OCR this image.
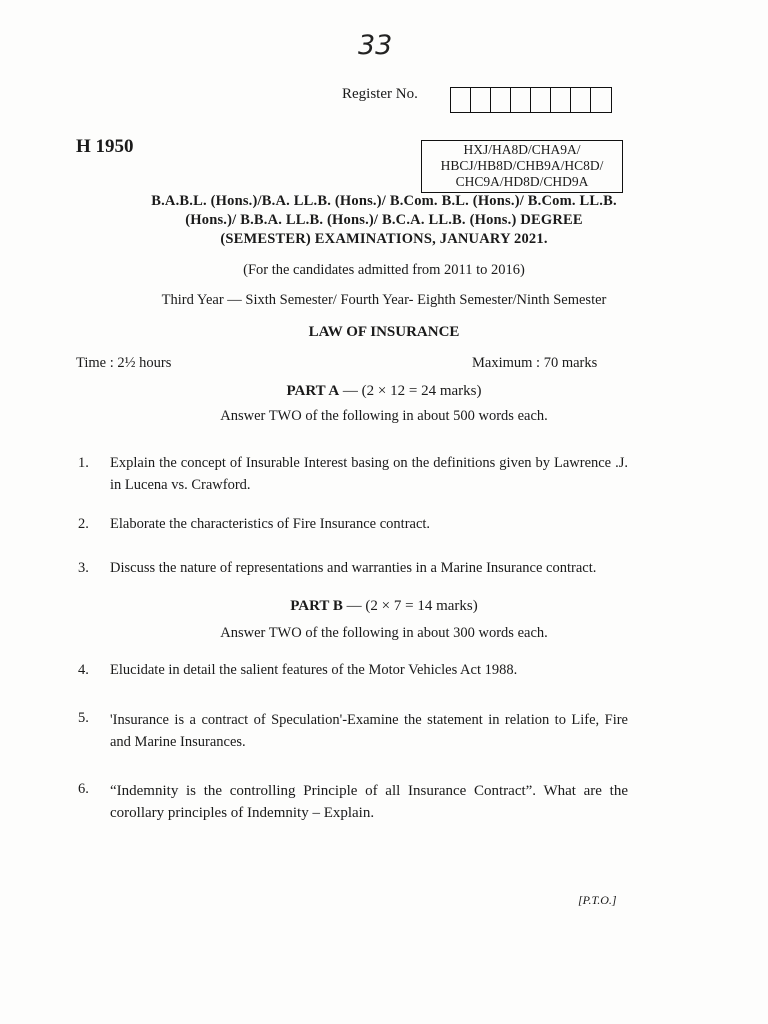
33
Register No.
H 1950	HXJ/HA8D/CHA9A/
HBCJ/HB8D/CHB9A/HC8D/
CHC9A/HD8D/CHD9A
B.A.B.L. (Hons.)/B.A. LL.B. (Hons.)/ B.Com. B.L. (Hons.)/ B.Com. LL.B.
(Hons.)/ B.B.A. LL.B. (Hons.)/ B.C.A. LL.B. (Hons.) DEGREE
(SEMESTER) EXAMINATIONS, JANUARY 2021.
(For the candidates admitted from 2011 to 2016)
Third Year — Sixth Semester/ Fourth Year- Eighth Semester/Ninth Semester
LAW OF INSURANCE
Time : 2½ hours	Maximum : 70 marks
PART A — (2 × 12 = 24 marks)
Answer TWO of the following in about 500 words each.
1. Explain the concept of Insurable Interest basing on the definitions given by Lawrence .J. in Lucena vs. Crawford.
2. Elaborate the characteristics of Fire Insurance contract.
3. Discuss the nature of representations and warranties in a Marine Insurance contract.
PART B — (2 × 7 = 14 marks)
Answer TWO of the following in about 300 words each.
4. Elucidate in detail the salient features of the Motor Vehicles Act 1988.
5. 'Insurance is a contract of Speculation'-Examine the statement in relation to Life, Fire and Marine Insurances.
6. “Indemnity is the controlling Principle of all Insurance Contract”. What are the corollary principles of Indemnity – Explain.
[P.T.O.]
